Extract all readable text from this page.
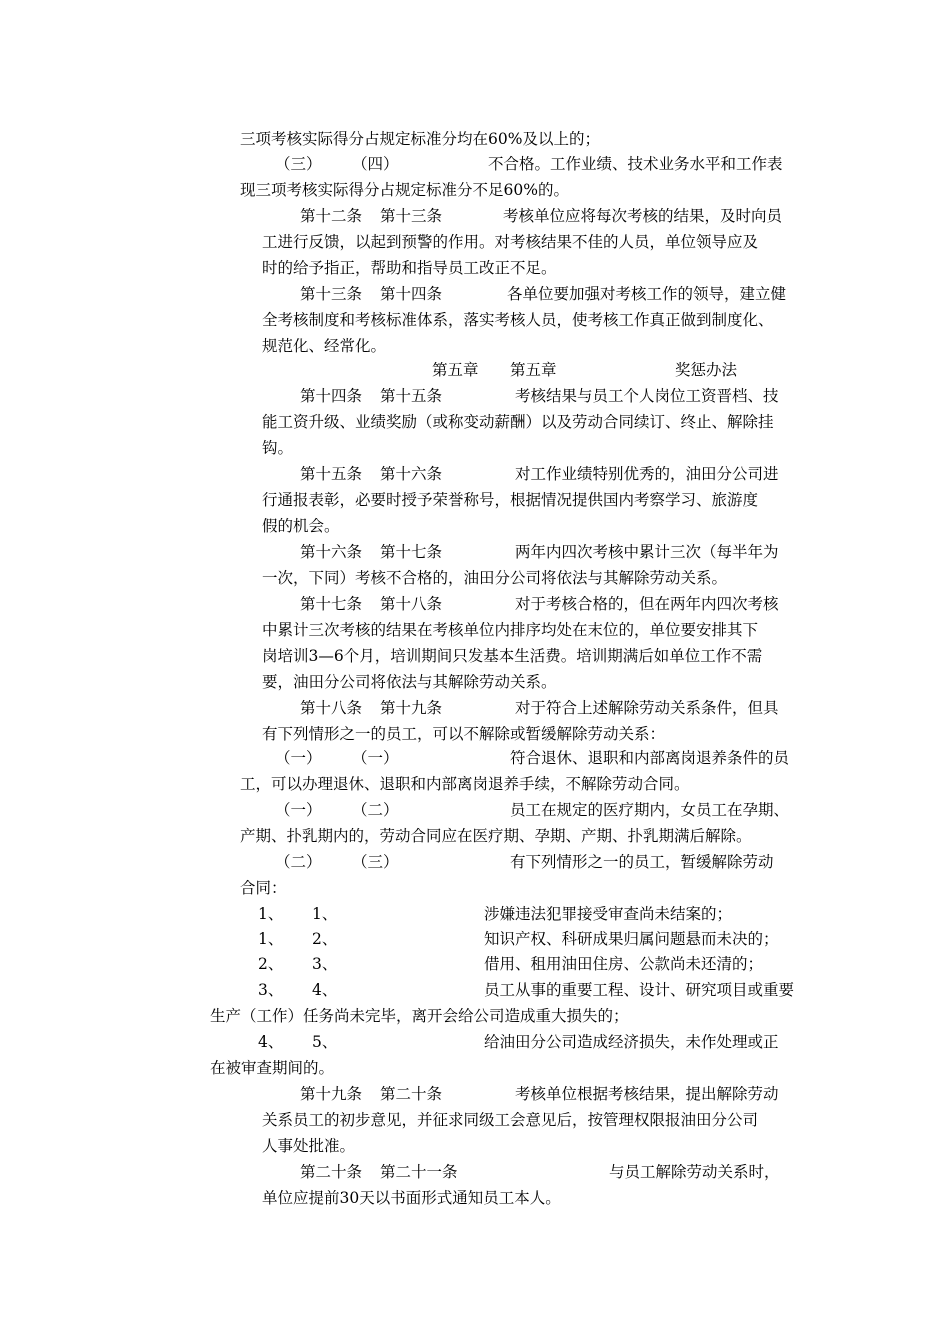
三项考核实际得分占规定标准分均在60%及以上的；
（三） （四）	不合格。工作业绩、技术业务水平和工作表
现三项考核实际得分占规定标准分不足60%的。
第十二条 第十三条	考核单位应将每次考核的结果，及时向员
工进行反馈，以起到预警的作用。对考核结果不佳的人员，单位领导应及
时的给予指正，帮助和指导员工改正不足。
第十三条 第十四条	各单位要加强对考核工作的领导，建立健
全考核制度和考核标准体系，落实考核人员，使考核工作真正做到制度化、
规范化、经常化。
第五章 第五章	奖惩办法
第十四条 第十五条	考核结果与员工个人岗位工资晋档、技
能工资升级、业绩奖励（或称变动薪酬）以及劳动合同续订、终止、解除挂
钩。
第十五条 第十六条	对工作业绩特别优秀的，油田分公司进
行通报表彰，必要时授予荣誉称号，根据情况提供国内考察学习、旅游度
假的机会。
第十六条 第十七条	两年内四次考核中累计三次（每半年为
一次，下同）考核不合格的，油田分公司将依法与其解除劳动关系。
第十七条 第十八条	对于考核合格的，但在两年内四次考核
中累计三次考核的结果在考核单位内排序均处在末位的，单位要安排其下
岗培训3—6个月，培训期间只发基本生活费。培训期满后如单位工作不需
要，油田分公司将依法与其解除劳动关系。
第十八条 第十九条	对于符合上述解除劳动关系条件，但具
有下列情形之一的员工，可以不解除或暂缓解除劳动关系：
（一） （一）	符合退休、退职和内部离岗退养条件的员
工，可以办理退休、退职和内部离岗退养手续，不解除劳动合同。
（一） （二）	员工在规定的医疗期内，女员工在孕期、
产期、扑乳期内的，劳动合同应在医疗期、孕期、产期、扑乳期满后解除。
（二） （三）	有下列情形之一的员工，暂缓解除劳动
合同：
1、 1、	涉嫌违法犯罪接受审查尚未结案的；
1、 2、	知识产权、科研成果归属问题悬而未决的；
2、 3、	借用、租用油田住房、公款尚未还清的；
3、 4、	员工从事的重要工程、设计、研究项目或重要
生产（工作）任务尚未完毕，离开会给公司造成重大损失的；
4、 5、	给油田分公司造成经济损失，未作处理或正
在被审查期间的。
第十九条 第二十条	考核单位根据考核结果，提出解除劳动
关系员工的初步意见，并征求同级工会意见后，按管理权限报油田分公司
人事处批准。
第二十条 第二十一条	与员工解除劳动关系时，
单位应提前30天以书面形式通知员工本人。
